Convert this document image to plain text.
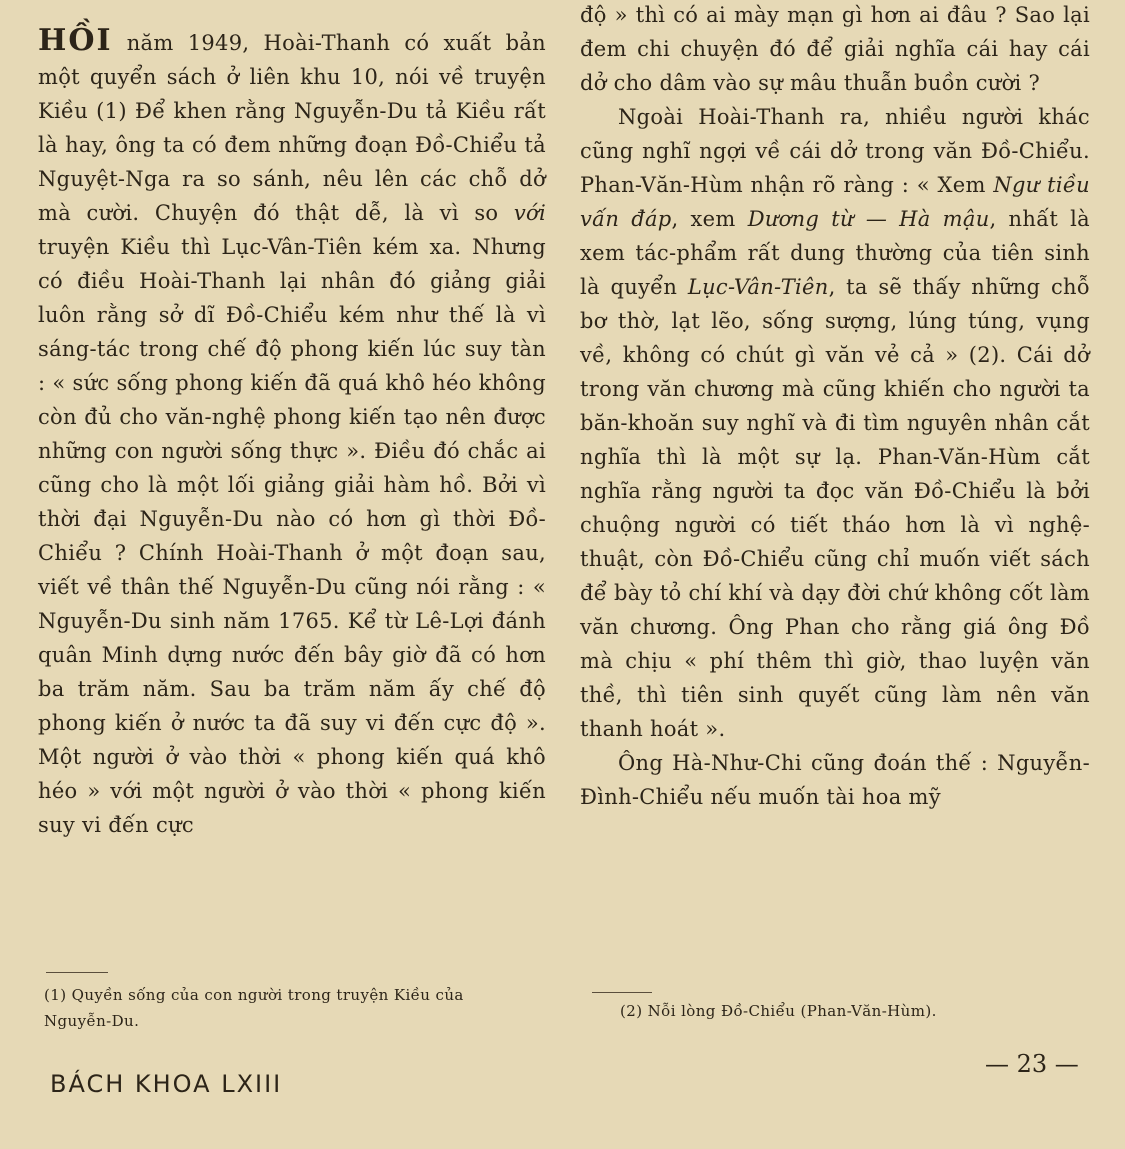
HỒI năm 1949, Hoài-Thanh có xuất bản một quyển sách ở liên khu 10, nói về truyện Kiều (1) Để khen rằng Nguyễn-Du tả Kiều rất là hay, ông ta có đem những đoạn Đồ-Chiểu tả Nguyệt-Nga ra so sánh, nêu lên các chỗ dở mà cười. Chuyện đó thật dễ, là vì so với truyện Kiều thì Lục-Vân-Tiên kém xa. Nhưng có điều Hoài-Thanh lại nhân đó giảng giải luôn rằng sở dĩ Đồ-Chiểu kém như thế là vì sáng-tác trong chế độ phong kiến lúc suy tàn : « sức sống phong kiến đã quá khô héo không còn đủ cho văn-nghệ phong kiến tạo nên được những con người sống thực ». Điều đó chắc ai cũng cho là một lối giảng giải hàm hồ. Bởi vì thời đại Nguyễn-Du nào có hơn gì thời Đồ-Chiểu ? Chính Hoài-Thanh ở một đoạn sau, viết về thân thế Nguyễn-Du cũng nói rằng : « Nguyễn-Du sinh năm 1765. Kể từ Lê-Lợi đánh quân Minh dựng nước đến bây giờ đã có hơn ba trăm năm. Sau ba trăm năm ấy chế độ phong kiến ở nước ta đã suy vi đến cực độ ». Một người ở vào thời « phong kiến quá khô héo » với một người ở vào thời « phong kiến suy vi đến cực

(1) Quyền sống của con người trong truyện Kiều của Nguyễn-Du.

độ » thì có ai mày mạn gì hơn ai đâu ? Sao lại đem chi chuyện đó để giải nghĩa cái hay cái dở cho dâm vào sự mâu thuẫn buồn cười ?

Ngoài Hoài-Thanh ra, nhiều người khác cũng nghĩ ngợi về cái dở trong văn Đồ-Chiểu. Phan-Văn-Hùm nhận rõ ràng : « Xem Ngư tiều vấn đáp, xem Dương từ — Hà mậu, nhất là xem tác-phẩm rất dung thường của tiên sinh là quyển Lục-Vân-Tiên, ta sẽ thấy những chỗ bơ thờ, lạt lẽo, sống sượng, lúng túng, vụng về, không có chút gì văn vẻ cả » (2). Cái dở trong văn chương mà cũng khiến cho người ta băn-khoăn suy nghĩ và đi tìm nguyên nhân cắt nghĩa thì là một sự lạ. Phan-Văn-Hùm cắt nghĩa rằng người ta đọc văn Đồ-Chiểu là bởi chuộng người có tiết tháo hơn là vì nghệ-thuật, còn Đồ-Chiểu cũng chỉ muốn viết sách để bày tỏ chí khí và dạy đời chứ không cốt làm văn chương. Ông Phan cho rằng giá ông Đồ mà chịu « phí thêm thì giờ, thao luyện văn thề, thì tiên sinh quyết cũng làm nên văn thanh hoát ».

Ông Hà-Như-Chi cũng đoán thế : Nguyễn-Đình-Chiểu nếu muốn tài hoa mỹ

(2) Nỗi lòng Đồ-Chiểu (Phan-Văn-Hùm).
BÁCH KHOA LXIII
— 23 —
